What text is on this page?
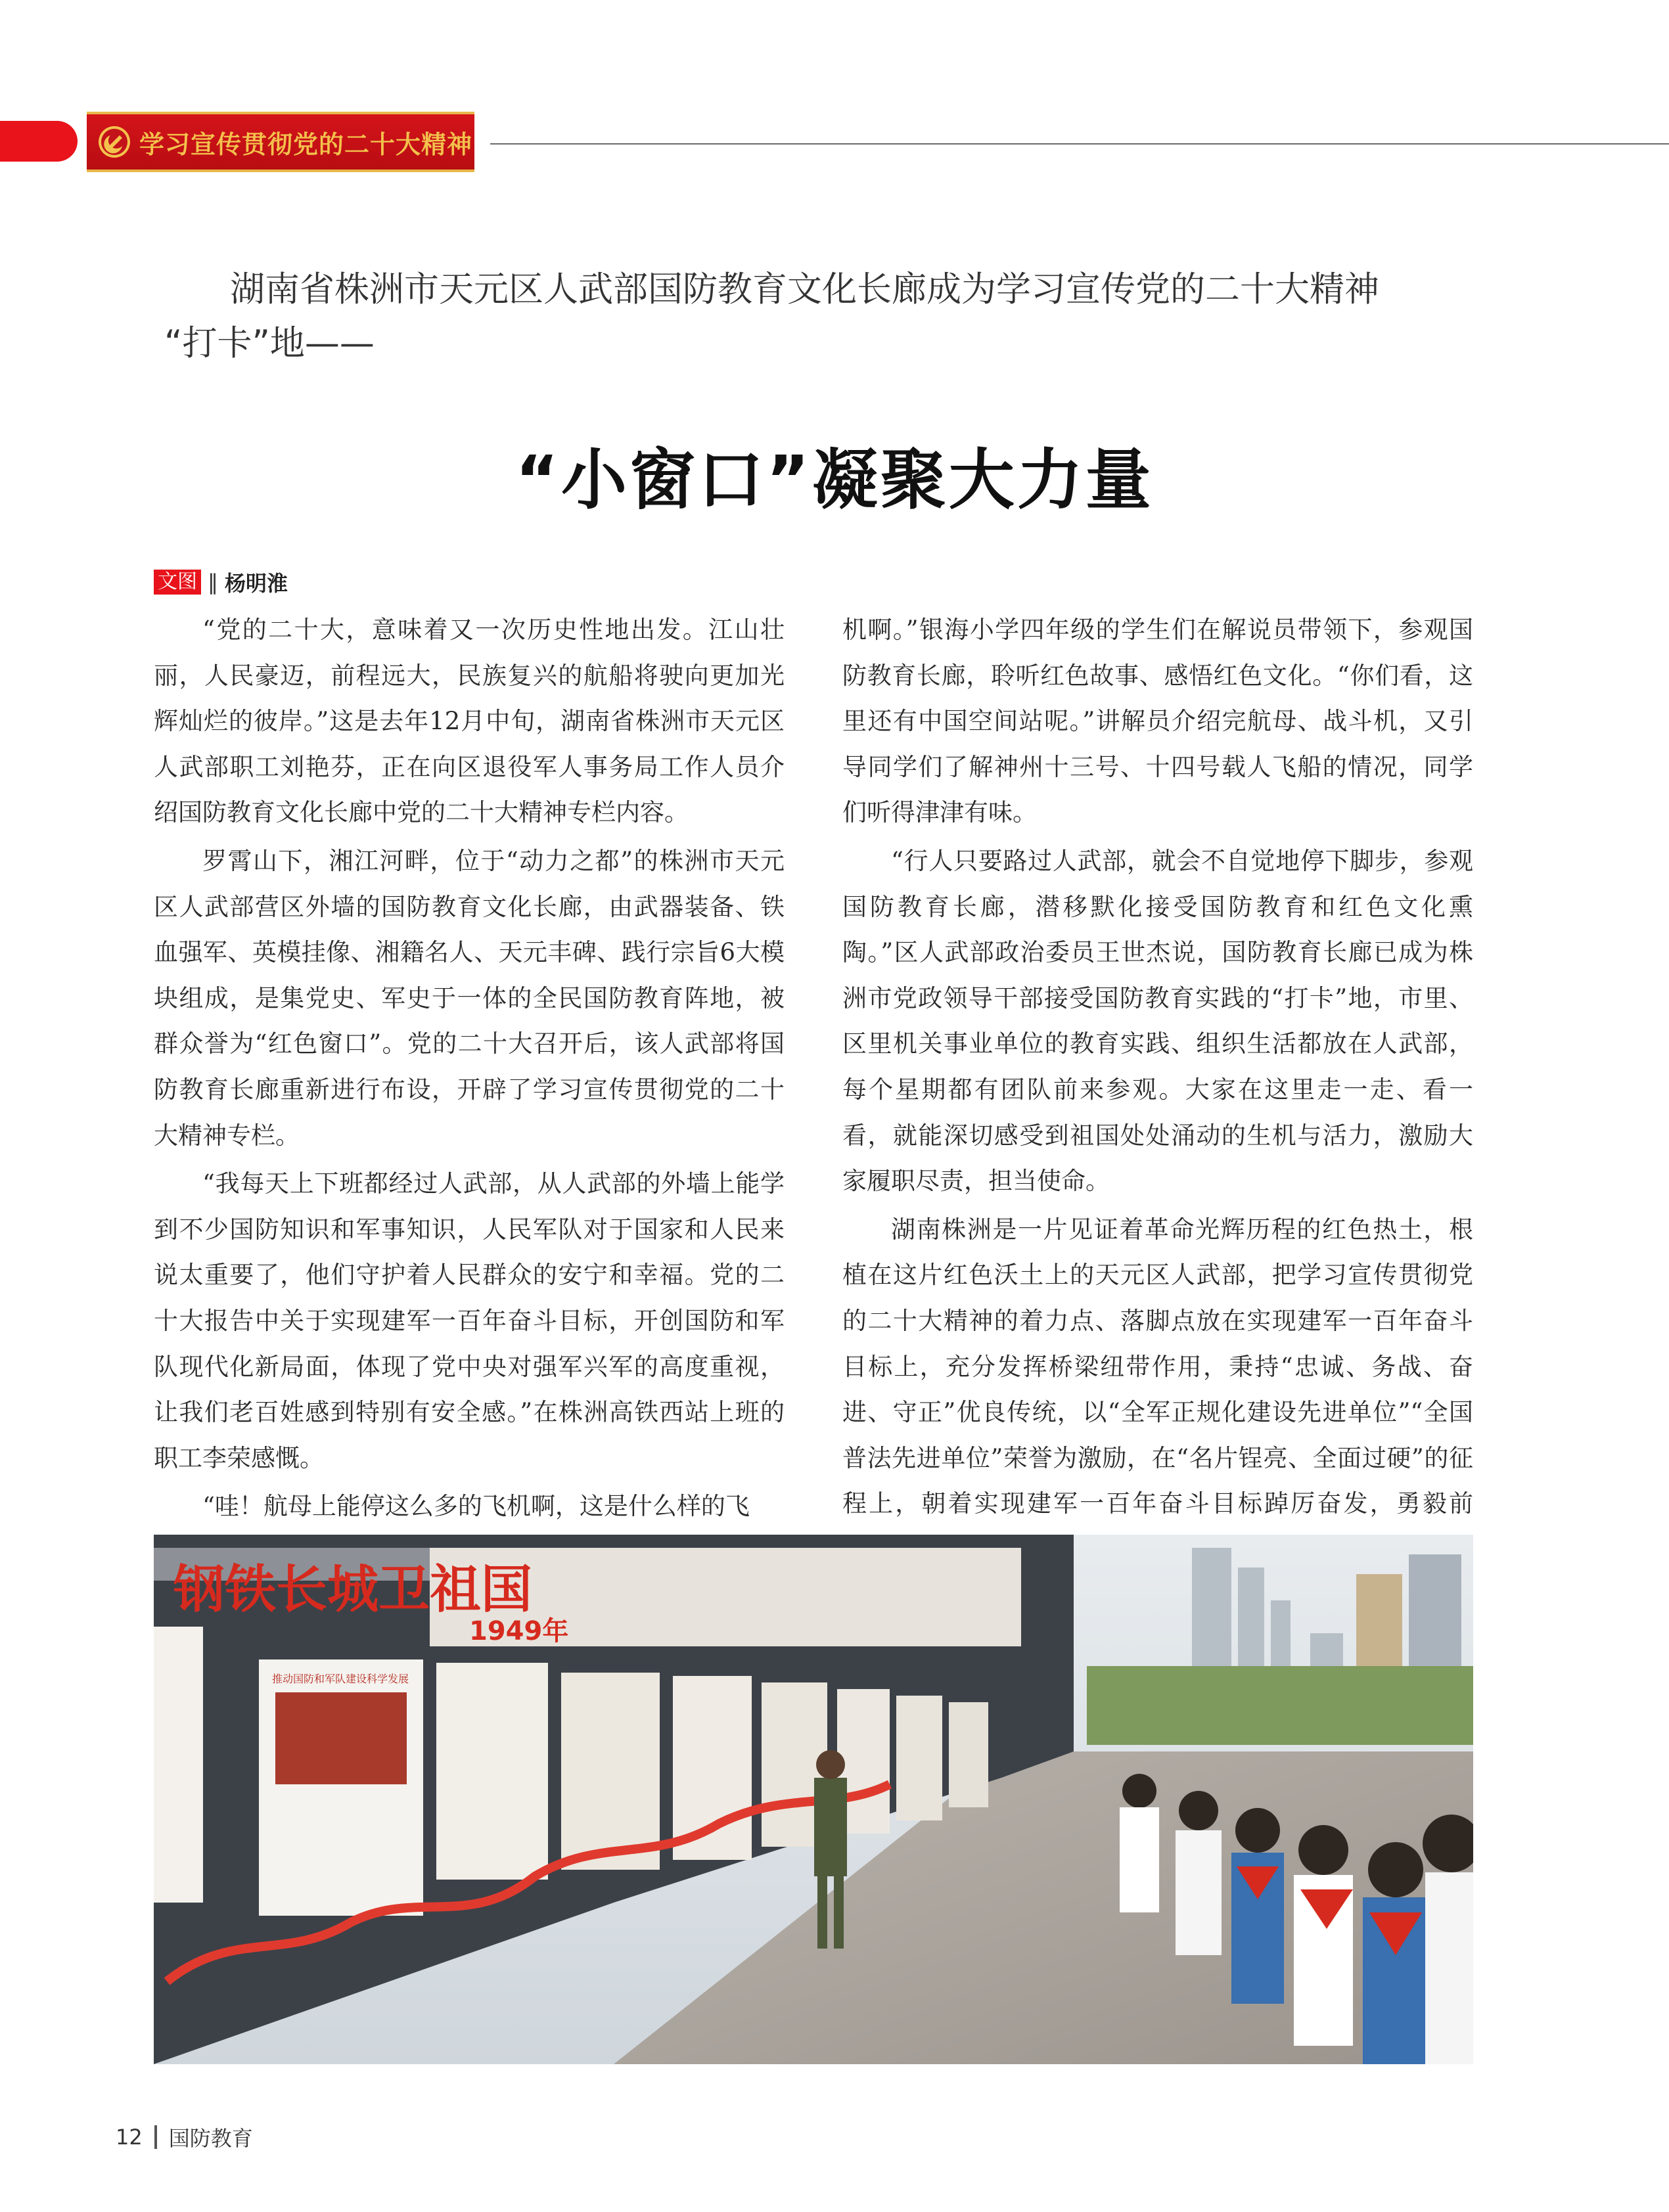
学习宣传贯彻党的二十大精神
湖南省株洲市天元区人武部国防教育文化长廊成为学习宣传党的二十大精神
“打卡”地——
“小窗口”凝聚大力量
文图 ‖ 杨明淮

“党的二十大，意味着又一次历史性地出发。江山壮丽，人民豪迈，前程远大，民族复兴的航船将驶向更加光辉灿烂的彼岸。”这是去年12月中旬，湖南省株洲市天元区人武部职工刘艳芬，正在向区退役军人事务局工作人员介绍国防教育文化长廊中党的二十大精神专栏内容。

罗霄山下，湘江河畔，位于“动力之都”的株洲市天元区人武部营区外墙的国防教育文化长廊，由武器装备、铁血强军、英模挂像、湘籍名人、天元丰碑、践行宗旨6大模块组成，是集党史、军史于一体的全民国防教育阵地，被群众誉为“红色窗口”。党的二十大召开后，该人武部将国防教育长廊重新进行布设，开辟了学习宣传贯彻党的二十大精神专栏。

“我每天上下班都经过人武部，从人武部的外墙上能学到不少国防知识和军事知识，人民军队对于国家和人民来说太重要了，他们守护着人民群众的安宁和幸福。党的二十大报告中关于实现建军一百年奋斗目标，开创国防和军队现代化新局面，体现了党中央对强军兴军的高度重视，让我们老百姓感到特别有安全感。”在株洲高铁西站上班的职工李荣感慨。

“哇！航母上能停这么多的飞机啊，这是什么样的飞

机啊。”银海小学四年级的学生们在解说员带领下，参观国防教育长廊，聆听红色故事、感悟红色文化。“你们看，这里还有中国空间站呢。”讲解员介绍完航母、战斗机，又引导同学们了解神州十三号、十四号载人飞船的情况，同学们听得津津有味。

“行人只要路过人武部，就会不自觉地停下脚步，参观国防教育长廊，潜移默化接受国防教育和红色文化熏陶。”区人武部政治委员王世杰说，国防教育长廊已成为株洲市党政领导干部接受国防教育实践的“打卡”地，市里、区里机关事业单位的教育实践、组织生活都放在人武部，每个星期都有团队前来参观。大家在这里走一走、看一看，就能深切感受到祖国处处涌动的生机与活力，激励大家履职尽责，担当使命。

湖南株洲是一片见证着革命光辉历程的红色热土，根植在这片红色沃土上的天元区人武部，把学习宣传贯彻党的二十大精神的着力点、落脚点放在实现建军一百年奋斗目标上，充分发挥桥梁纽带作用，秉持“忠诚、务战、奋进、守正”优良传统，以“全军正规化建设先进单位”“全国普法先进单位”荣誉为激励，在“名片锃亮、全面过硬”的征程上，朝着实现建军一百年奋斗目标踔厉奋发，勇毅前

钢铁长城卫祖国
1949年
推动国防和军队建设科学发展
12 国防教育
